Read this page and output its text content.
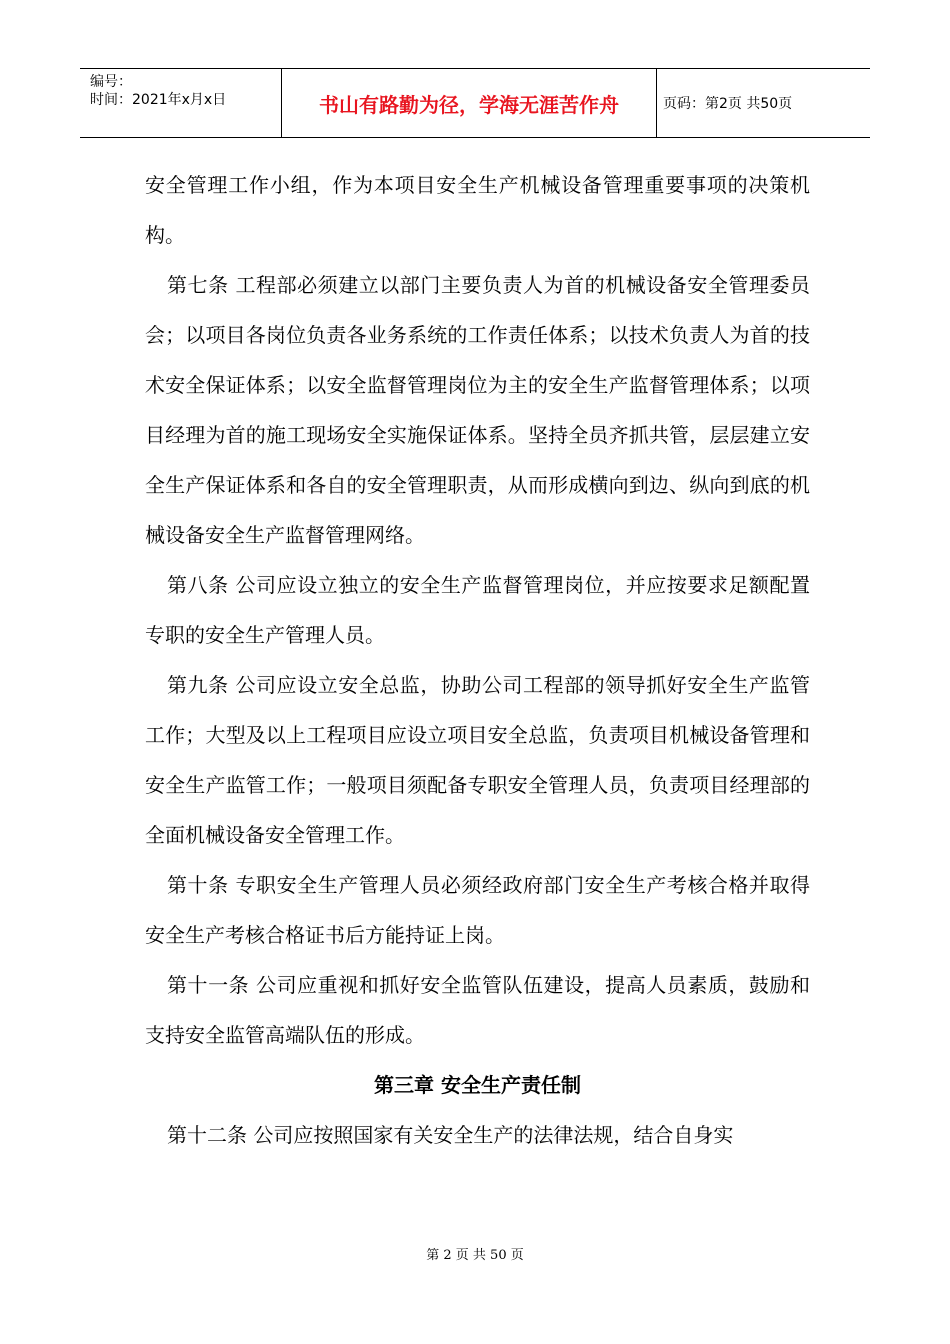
编号：
时间：2021年x月x日	书山有路勤为径，学海无涯苦作舟	页码：第2页 共50页

安全管理工作小组，作为本项目安全生产机械设备管理重要事项的决策机构。

第七条 工程部必须建立以部门主要负责人为首的机械设备安全管理委员会；以项目各岗位负责各业务系统的工作责任体系；以技术负责人为首的技术安全保证体系；以安全监督管理岗位为主的安全生产监督管理体系；以项目经理为首的施工现场安全实施保证体系。坚持全员齐抓共管，层层建立安全生产保证体系和各自的安全管理职责，从而形成横向到边、纵向到底的机械设备安全生产监督管理网络。

第八条 公司应设立独立的安全生产监督管理岗位，并应按要求足额配置专职的安全生产管理人员。

第九条 公司应设立安全总监，协助公司工程部的领导抓好安全生产监管工作；大型及以上工程项目应设立项目安全总监，负责项目机械设备管理和安全生产监管工作；一般项目须配备专职安全管理人员，负责项目经理部的全面机械设备安全管理工作。

第十条 专职安全生产管理人员必须经政府部门安全生产考核合格并取得安全生产考核合格证书后方能持证上岗。

第十一条 公司应重视和抓好安全监管队伍建设，提高人员素质，鼓励和支持安全监管高端队伍的形成。

第三章 安全生产责任制

第十二条 公司应按照国家有关安全生产的法律法规，结合自身实

第 2 页 共 50 页
